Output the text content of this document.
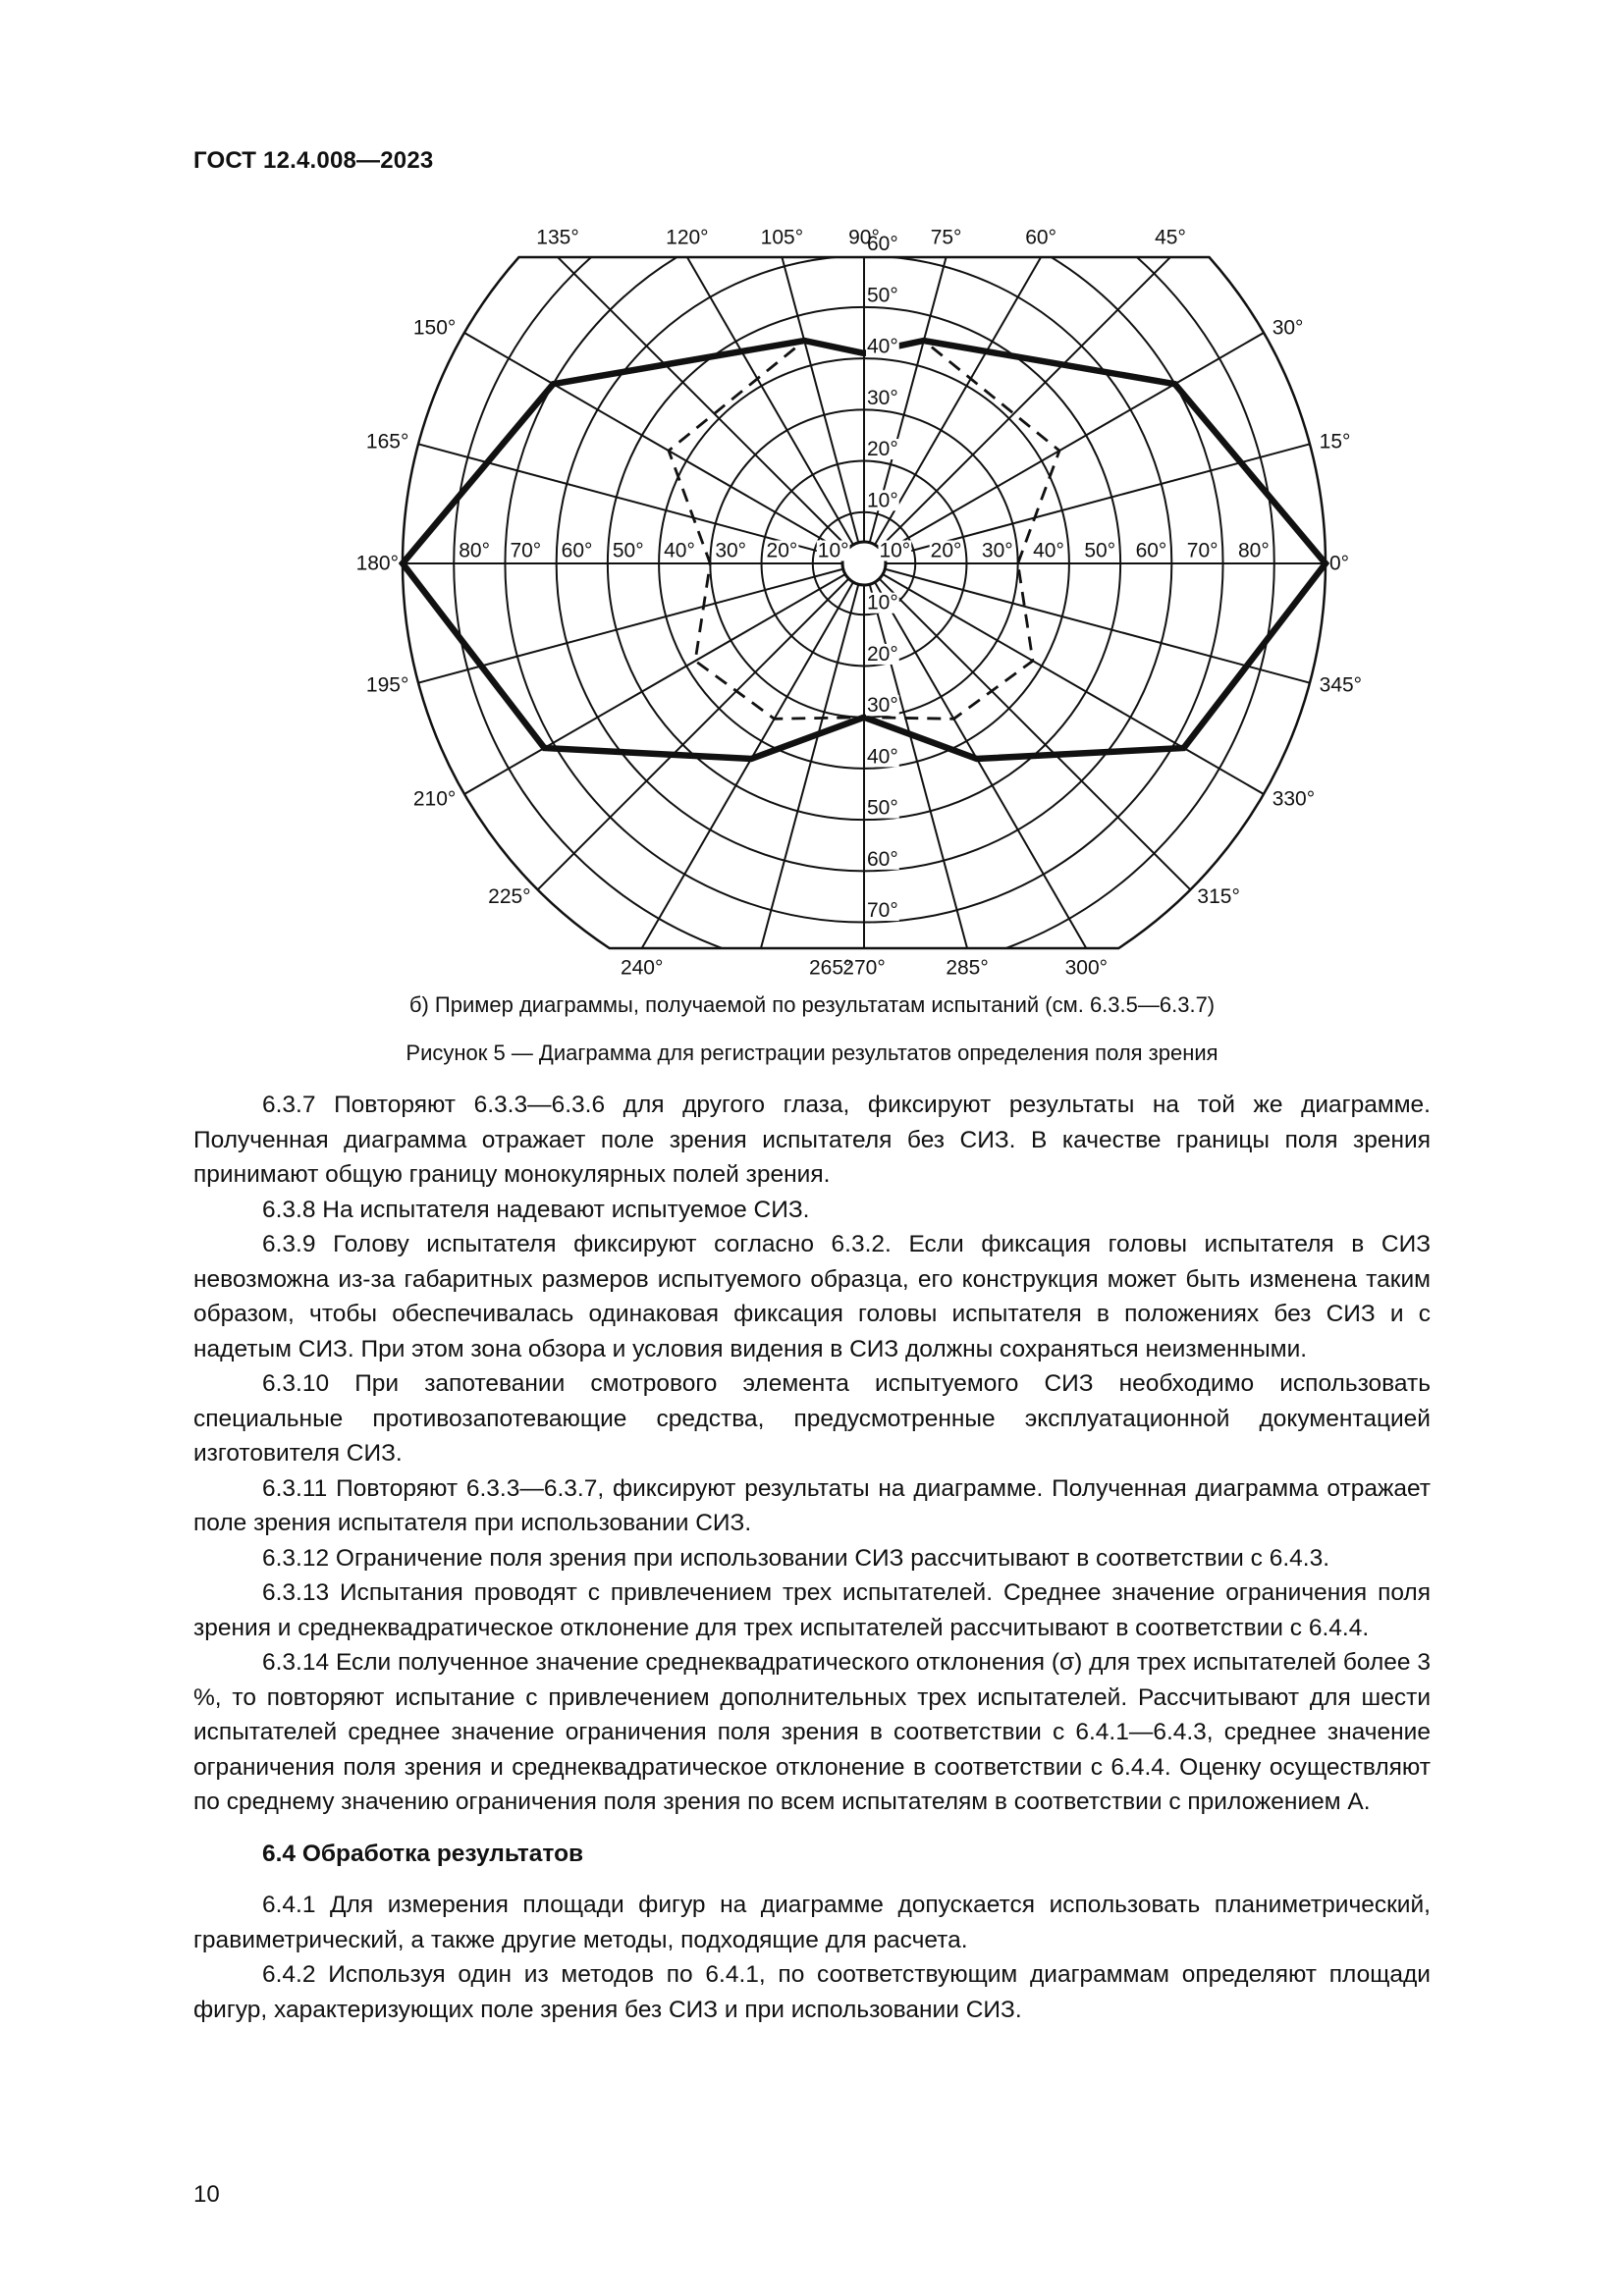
ГОСТ 12.4.008—2023
10°
20°
30°
40°
50°
60°
10°
20°
30°
40°
50°
60°
70°
10° 20° 30° 40° 50° 60° 70° 80°
10°
20°
30°
40°
50°
60°
70°
80°
0°
15°
30°
45°
60°
75°
90°
105°
120°
135°
150°
165°
180°
195°
210°
225°
240°	265°
270°	285°	300°
315°
330°
345°
б) Пример диаграммы, получаемой по результатам испытаний (см. 6.3.5—6.3.7)
Рисунок 5 — Диаграмма для регистрации результатов определения поля зрения

6.3.7 Повторяют 6.3.3—6.3.6 для другого глаза, фиксируют результаты на той же диаграмме. Полученная диаграмма отражает поле зрения испытателя без СИЗ. В качестве границы поля зрения принимают общую границу монокулярных полей зрения.

6.3.8 На испытателя надевают испытуемое СИЗ.

6.3.9 Голову испытателя фиксируют согласно 6.3.2. Если фиксация головы испытателя в СИЗ невозможна из-за габаритных размеров испытуемого образца, его конструкция может быть изменена таким образом, чтобы обеспечивалась одинаковая фиксация головы испытателя в положениях без СИЗ и с надетым СИЗ. При этом зона обзора и условия видения в СИЗ должны сохраняться неизменными.

6.3.10 При запотевании смотрового элемента испытуемого СИЗ необходимо использовать специальные противозапотевающие средства, предусмотренные эксплуатационной документацией изготовителя СИЗ.

6.3.11 Повторяют 6.3.3—6.3.7, фиксируют результаты на диаграмме. Полученная диаграмма отражает поле зрения испытателя при использовании СИЗ.

6.3.12 Ограничение поля зрения при использовании СИЗ рассчитывают в соответствии с 6.4.3.

6.3.13 Испытания проводят с привлечением трех испытателей. Среднее значение ограничения поля зрения и среднеквадратическое отклонение для трех испытателей рассчитывают в соответствии с 6.4.4.

6.3.14 Если полученное значение среднеквадратического отклонения (σ) для трех испытателей более 3 %, то повторяют испытание с привлечением дополнительных трех испытателей. Рассчитывают для шести испытателей среднее значение ограничения поля зрения в соответствии с 6.4.1—6.4.3, среднее значение ограничения поля зрения и среднеквадратическое отклонение в соответствии с 6.4.4. Оценку осуществляют по среднему значению ограничения поля зрения по всем испытателям в соответствии с приложением А.

6.4 Обработка результатов

6.4.1 Для измерения площади фигур на диаграмме допускается использовать планиметрический, гравиметрический, а также другие методы, подходящие для расчета.

6.4.2 Используя один из методов по 6.4.1, по соответствующим диаграммам определяют площади фигур, характеризующих поле зрения без СИЗ и при использовании СИЗ.

10
